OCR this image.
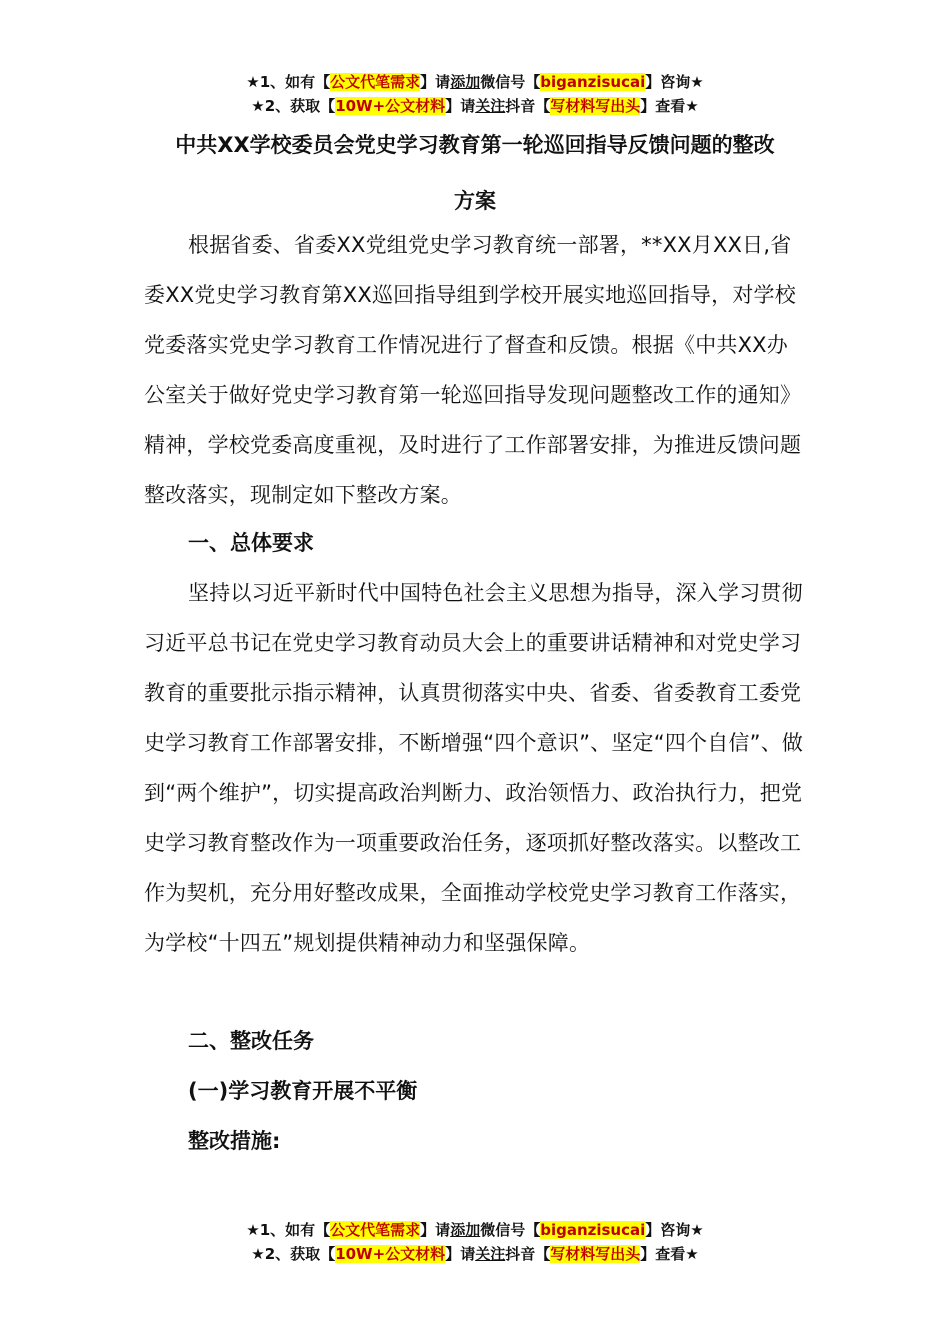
★1、如有【公文代笔需求】请添加微信号【biganzisucai】咨询★
★2、获取【10W+公文材料】请关注抖音【写材料写出头】查看★
中共XX学校委员会党史学习教育第一轮巡回指导反馈问题的整改
方案

根据省委、省委XX党组党史学习教育统一部署，**XX月XX日,省委XX党史学习教育第XX巡回指导组到学校开展实地巡回指导，对学校党委落实党史学习教育工作情况进行了督查和反馈。根据《中共XX办公室关于做好党史学习教育第一轮巡回指导发现问题整改工作的通知》精神，学校党委高度重视，及时进行了工作部署安排，为推进反馈问题整改落实，现制定如下整改方案。

一、总体要求

坚持以习近平新时代中国特色社会主义思想为指导，深入学习贯彻习近平总书记在党史学习教育动员大会上的重要讲话精神和对党史学习教育的重要批示指示精神，认真贯彻落实中央、省委、省委教育工委党史学习教育工作部署安排，不断增强“四个意识”、坚定“四个自信”、做到“两个维护”，切实提高政治判断力、政治领悟力、政治执行力，把党史学习教育整改作为一项重要政治任务，逐项抓好整改落实。以整改工作为契机，充分用好整改成果，全面推动学校党史学习教育工作落实，为学校“十四五”规划提供精神动力和坚强保障。

二、整改任务

(一)学习教育开展不平衡

整改措施:

★1、如有【公文代笔需求】请添加微信号【biganzisucai】咨询★
★2、获取【10W+公文材料】请关注抖音【写材料写出头】查看★
